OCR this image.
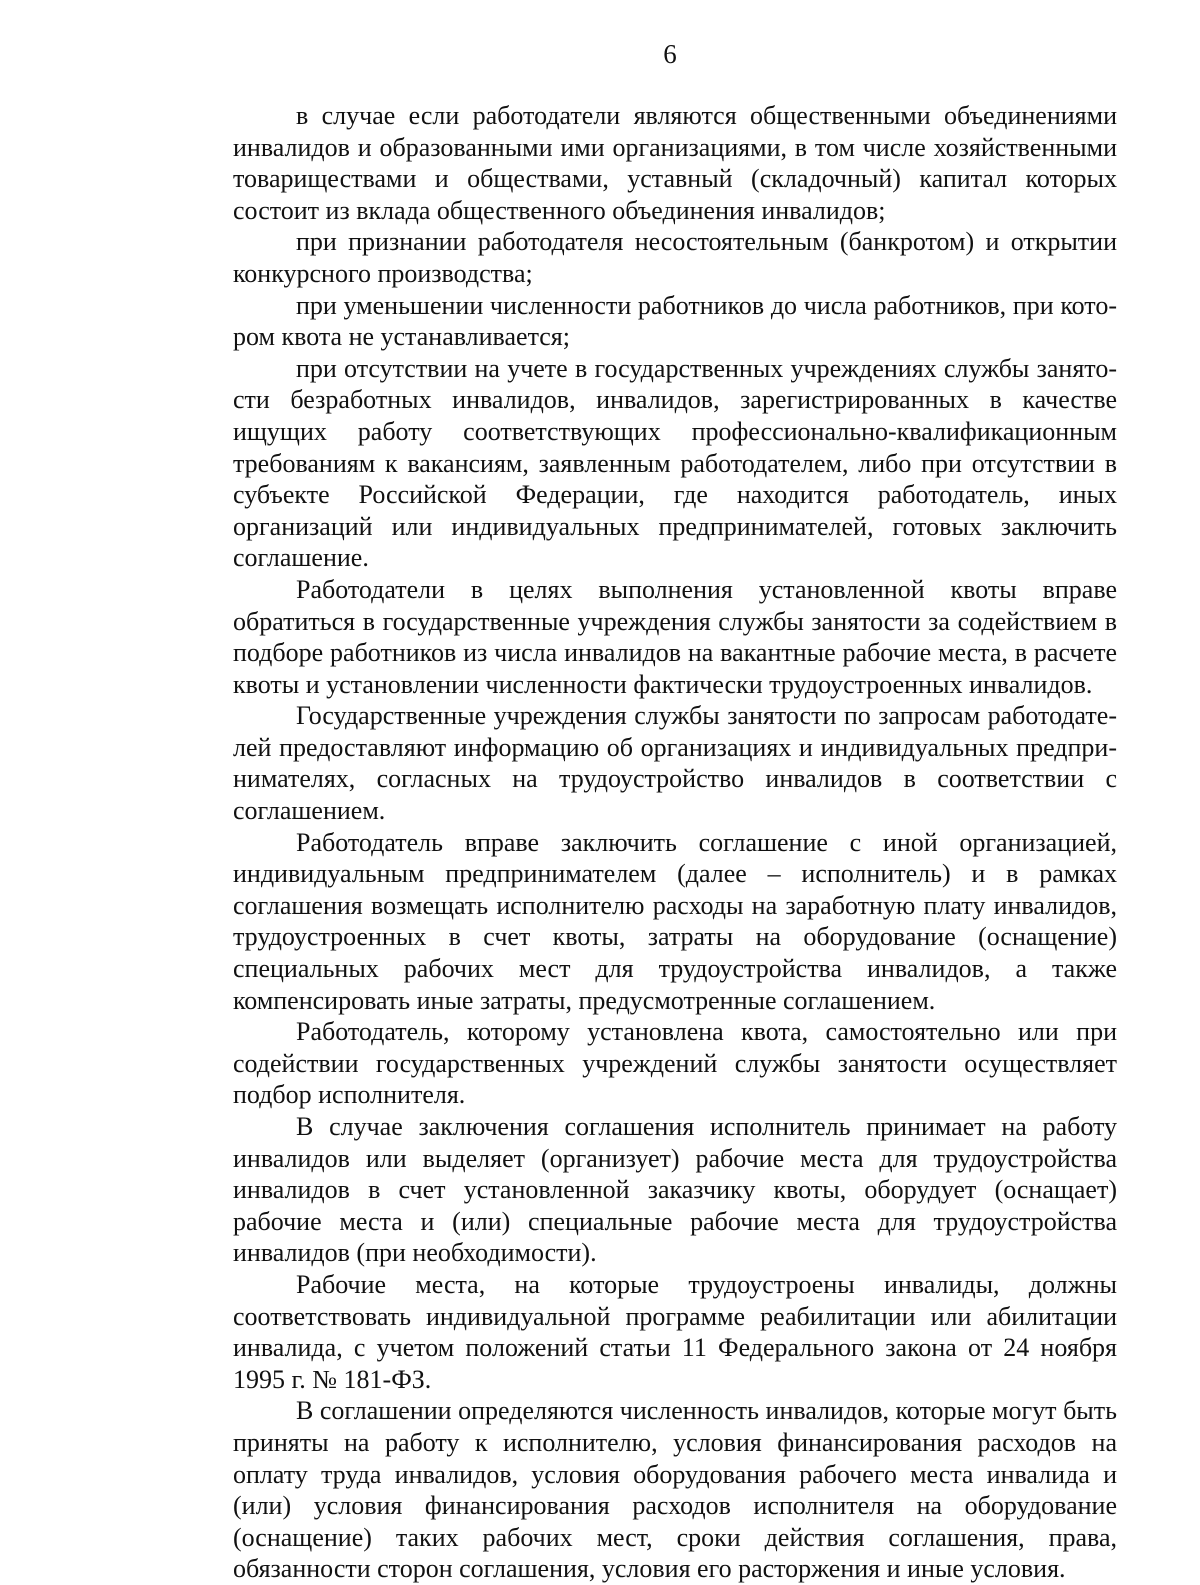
6

в случае если работодатели являются общественными объединениями инвалидов и образованными ими организациями, в том числе хозяйственными товариществами и обществами, уставный (складочный) капитал которых состоит из вклада общественного объединения инвалидов;

при признании работодателя несостоятельным (банкротом) и открытии конкурсного производства;

при уменьшении численности работников до числа работников, при котором квота не устанавливается;

при отсутствии на учете в государственных учреждениях службы занятости безработных инвалидов, инвалидов, зарегистрированных в качестве ищущих работу соответствующих профессионально-квалификационным требованиям к вакансиям, заявленным работодателем, либо при отсутствии в субъекте Российской Федерации, где находится работодатель, иных организаций или индивидуальных предпринимателей, готовых заключить соглашение.

Работодатели в целях выполнения установленной квоты вправе обратиться в государственные учреждения службы занятости за содействием в подборе работников из числа инвалидов на вакантные рабочие места, в расчете квоты и установлении численности фактически трудоустроенных инвалидов.

Государственные учреждения службы занятости по запросам работодателей предоставляют информацию об организациях и индивидуальных предпринимателях, согласных на трудоустройство инвалидов в соответствии с соглашением.

Работодатель вправе заключить соглашение с иной организацией, индивидуальным предпринимателем (далее – исполнитель) и в рамках соглашения возмещать исполнителю расходы на заработную плату инвалидов, трудоустроенных в счет квоты, затраты на оборудование (оснащение) специальных рабочих мест для трудоустройства инвалидов, а также компенсировать иные затраты, предусмотренные соглашением.

Работодатель, которому установлена квота, самостоятельно или при содействии государственных учреждений службы занятости осуществляет подбор исполнителя.

В случае заключения соглашения исполнитель принимает на работу инвалидов или выделяет (организует) рабочие места для трудоустройства инвалидов в счет установленной заказчику квоты, оборудует (оснащает) рабочие места и (или) специальные рабочие места для трудоустройства инвалидов (при необходимости).

Рабочие места, на которые трудоустроены инвалиды, должны соответствовать индивидуальной программе реабилитации или абилитации инвалида, с учетом положений статьи 11 Федерального закона от 24 ноября 1995 г. № 181-ФЗ.

В соглашении определяются численность инвалидов, которые могут быть приняты на работу к исполнителю, условия финансирования расходов на оплату труда инвалидов, условия оборудования рабочего места инвалида и (или) условия финансирования расходов исполнителя на оборудование (оснащение) таких рабочих мест, сроки действия соглашения, права, обязанности сторон соглашения, условия его расторжения и иные условия.
